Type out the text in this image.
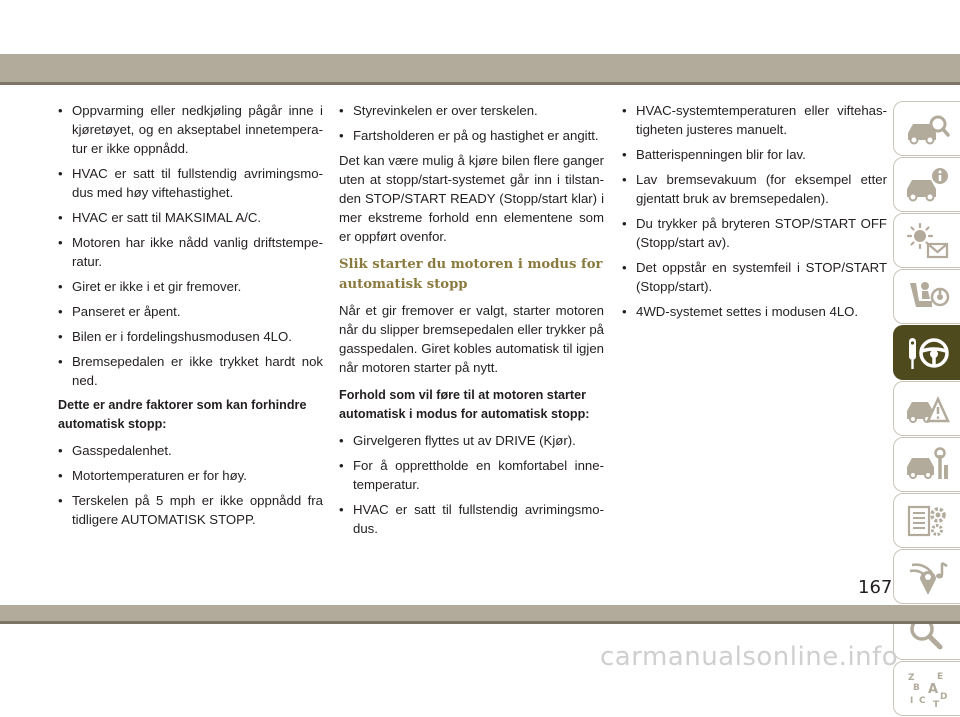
• Oppvarming eller nedkjøling pågår inne i kjøretøyet, og en akseptabel innetemperatur er ikke oppnådd.
• HVAC er satt til fullstendig avrimingsmodus med høy viftehastighet.
• HVAC er satt til MAKSIMAL A/C.
• Motoren har ikke nådd vanlig driftstemperatur.
• Giret er ikke i et gir fremover.
• Panseret er åpent.
• Bilen er i fordelingshusmodusen 4LO.
• Bremsepedalen er ikke trykket hardt nok ned.

Dette er andre faktorer som kan forhindre automatisk stopp:

• Gasspedalenhet.
• Motortemperaturen er for høy.
• Terskelen på 5 mph er ikke oppnådd fra tidligere AUTOMATISK STOPP.
• Styrevinkelen er over terskelen.
• Fartsholderen er på og hastighet er angitt.

Det kan være mulig å kjøre bilen flere ganger uten at stopp/start-systemet går inn i tilstanden STOP/START READY (Stopp/start klar) i mer ekstreme forhold enn elementene som er oppført ovenfor.

Slik starter du motoren i modus for automatisk stopp

Når et gir fremover er valgt, starter motoren når du slipper bremsepedalen eller trykker på gasspedalen. Giret kobles automatisk til igjen når motoren starter på nytt.

Forhold som vil føre til at motoren starter automatisk i modus for automatisk stopp:

• Girvelgeren flyttes ut av DRIVE (Kjør).
• For å opprettholde en komfortabel innetemperatur.
• HVAC er satt til fullstendig avrimingsmodus.
• HVAC-systemtemperaturen eller viftehastigheten justeres manuelt.
• Batterispenningen blir for lav.
• Lav bremsevakuum (for eksempel etter gjentatt bruk av bremsepedalen).
• Du trykker på bryteren STOP/START OFF (Stopp/start av).
• Det oppstår en systemfeil i STOP/START (Stopp/start).
• 4WD-systemet settes i modusen 4LO.
Z E
B A
I C D
T
167
carmanualsonline.info
